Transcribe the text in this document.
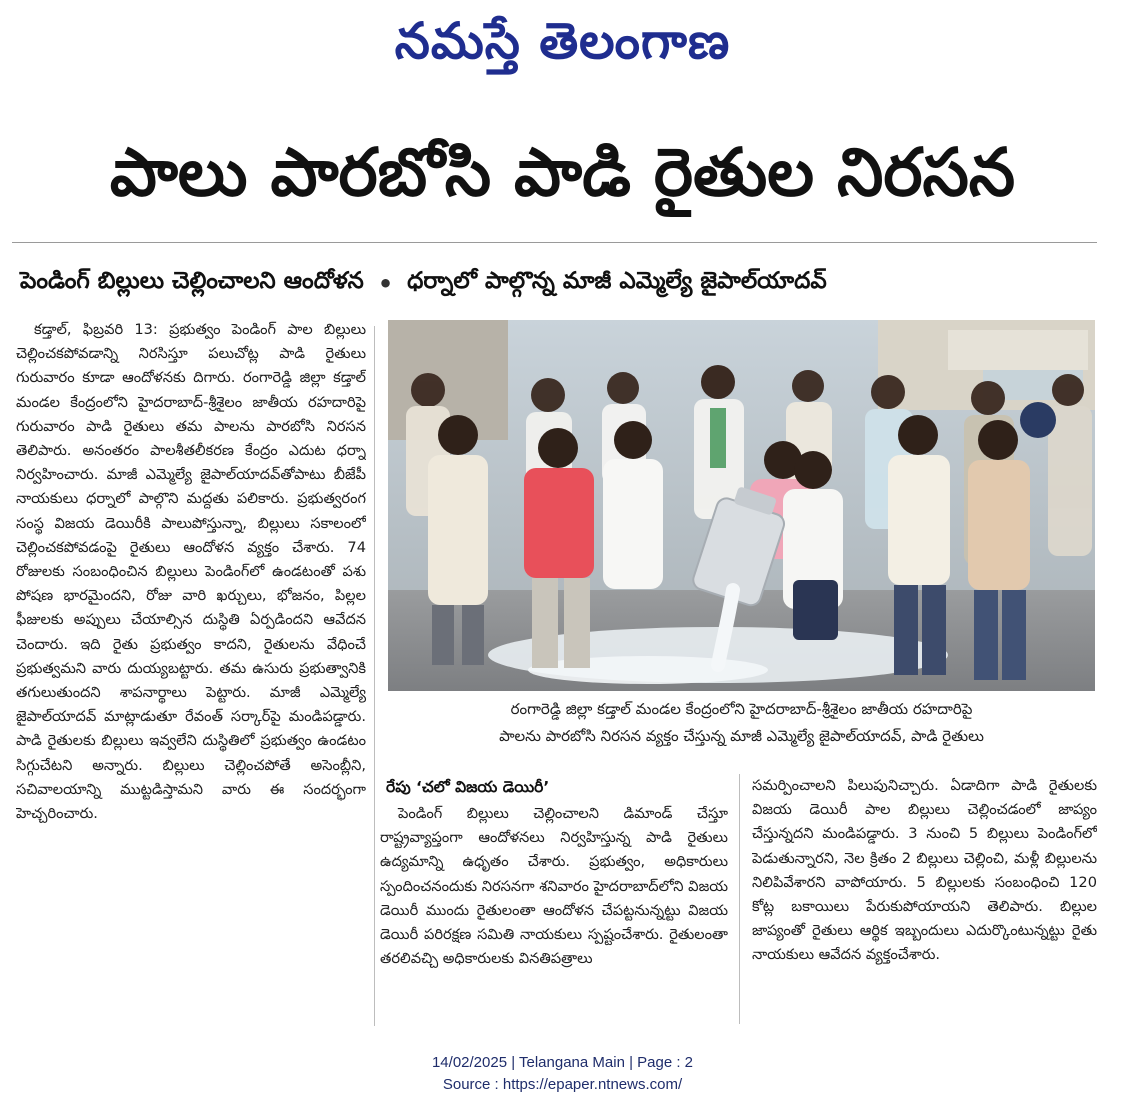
నమస్తే తెలంగాణ
పాలు పారబోసి పాడి రైతుల నిరసన
పెండింగ్ బిల్లులు చెల్లించాలని ఆందోళన • ధర్నాలో పాల్గొన్న మాజీ ఎమ్మెల్యే జైపాల్‌యాదవ్

కడ్తాల్, ఫిబ్రవరి 13: ప్రభుత్వం పెండింగ్ పాల బిల్లులు చెల్లించకపోవడాన్ని నిరసిస్తూ పలుచోట్ల పాడి రైతులు గురువారం కూడా ఆందోళనకు దిగారు. రంగారెడ్డి జిల్లా కడ్తాల్ మండల కేంద్రంలోని హైదరాబాద్-శ్రీశైలం జాతీయ రహదారిపై గురువారం పాడి రైతులు తమ పాలను పారబోసి నిరసన తెలిపారు. అనంతరం పాలశీతలీకరణ కేంద్రం ఎదుట ధర్నా నిర్వహించారు. మాజీ ఎమ్మెల్యే జైపాల్‌యాదవ్‌తోపాటు బీజేపీ నాయకులు ధర్నాలో పాల్గొని మద్దతు పలికారు. ప్రభుత్వరంగ సంస్థ విజయ డెయిరీకి పాలుపోస్తున్నా, బిల్లులు సకాలంలో చెల్లించకపోవడంపై రైతులు ఆందోళన వ్యక్తం చేశారు. 74 రోజులకు సంబంధించిన బిల్లులు పెండింగ్‌లో ఉండటంతో పశు పోషణ భారమైందని, రోజు వారి ఖర్చులు, భోజనం, పిల్లల ఫీజులకు అప్పులు చేయాల్సిన దుస్థితి ఏర్పడిందని ఆవేదన చెందారు. ఇది రైతు ప్రభుత్వం కాదని, రైతులను వేధించే ప్రభుత్వమని వారు దుయ్యబట్టారు. తమ ఉసురు ప్రభుత్వానికి తగులుతుందని శాపనార్థాలు పెట్టారు. మాజీ ఎమ్మెల్యే జైపాల్‌యాదవ్ మాట్లాడుతూ రేవంత్ సర్కార్‌పై మండిపడ్డారు. పాడి రైతులకు బిల్లులు ఇవ్వలేని దుస్థితిలో ప్రభుత్వం ఉండటం సిగ్గుచేటని అన్నారు. బిల్లులు చెల్లించపోతే అసెంబ్లీని, సచివాలయాన్ని ముట్టడిస్తామని వారు ఈ సందర్భంగా హెచ్చరించారు.

రంగారెడ్డి జిల్లా కడ్తాల్ మండల కేంద్రంలోని హైదరాబాద్-శ్రీశైలం జాతీయ రహదారిపై
పాలను పారబోసి నిరసన వ్యక్తం చేస్తున్న మాజీ ఎమ్మెల్యే జైపాల్‌యాదవ్, పాడి రైతులు
రేపు ‘చలో విజయ డెయిరీ’

పెండింగ్ బిల్లులు చెల్లించాలని డిమాండ్ చేస్తూ రాష్ట్రవ్యాప్తంగా ఆందోళనలు నిర్వహిస్తున్న పాడి రైతులు ఉద్యమాన్ని ఉధృతం చేశారు. ప్రభుత్వం, అధికారులు స్పందించనందుకు నిరసనగా శనివారం హైదరాబాద్‌లోని విజయ డెయిరీ ముందు రైతులంతా ఆందోళన చేపట్టనున్నట్టు విజయ డెయిరీ పరిరక్షణ సమితి నాయకులు స్పష్టంచేశారు. రైతులంతా తరలివచ్చి అధికారులకు వినతిపత్రాలు

సమర్పించాలని పిలుపునిచ్చారు. ఏడాదిగా పాడి రైతులకు విజయ డెయిరీ పాల బిల్లులు చెల్లించడంలో జాప్యం చేస్తున్నదని మండిపడ్డారు. 3 నుంచి 5 బిల్లులు పెండింగ్‌లో పెడుతున్నారని, నెల క్రితం 2 బిల్లులు చెల్లించి, మళ్లీ బిల్లులను నిలిపివేశారని వాపోయారు. 5 బిల్లులకు సంబంధించి 120 కోట్ల బకాయిలు పేరుకుపోయాయని తెలిపారు. బిల్లుల జాప్యంతో రైతులు ఆర్థిక ఇబ్బందులు ఎదుర్కొంటున్నట్టు రైతు నాయకులు ఆవేదన వ్యక్తంచేశారు.

14/02/2025 | Telangana Main | Page : 2
Source : https://epaper.ntnews.com/
